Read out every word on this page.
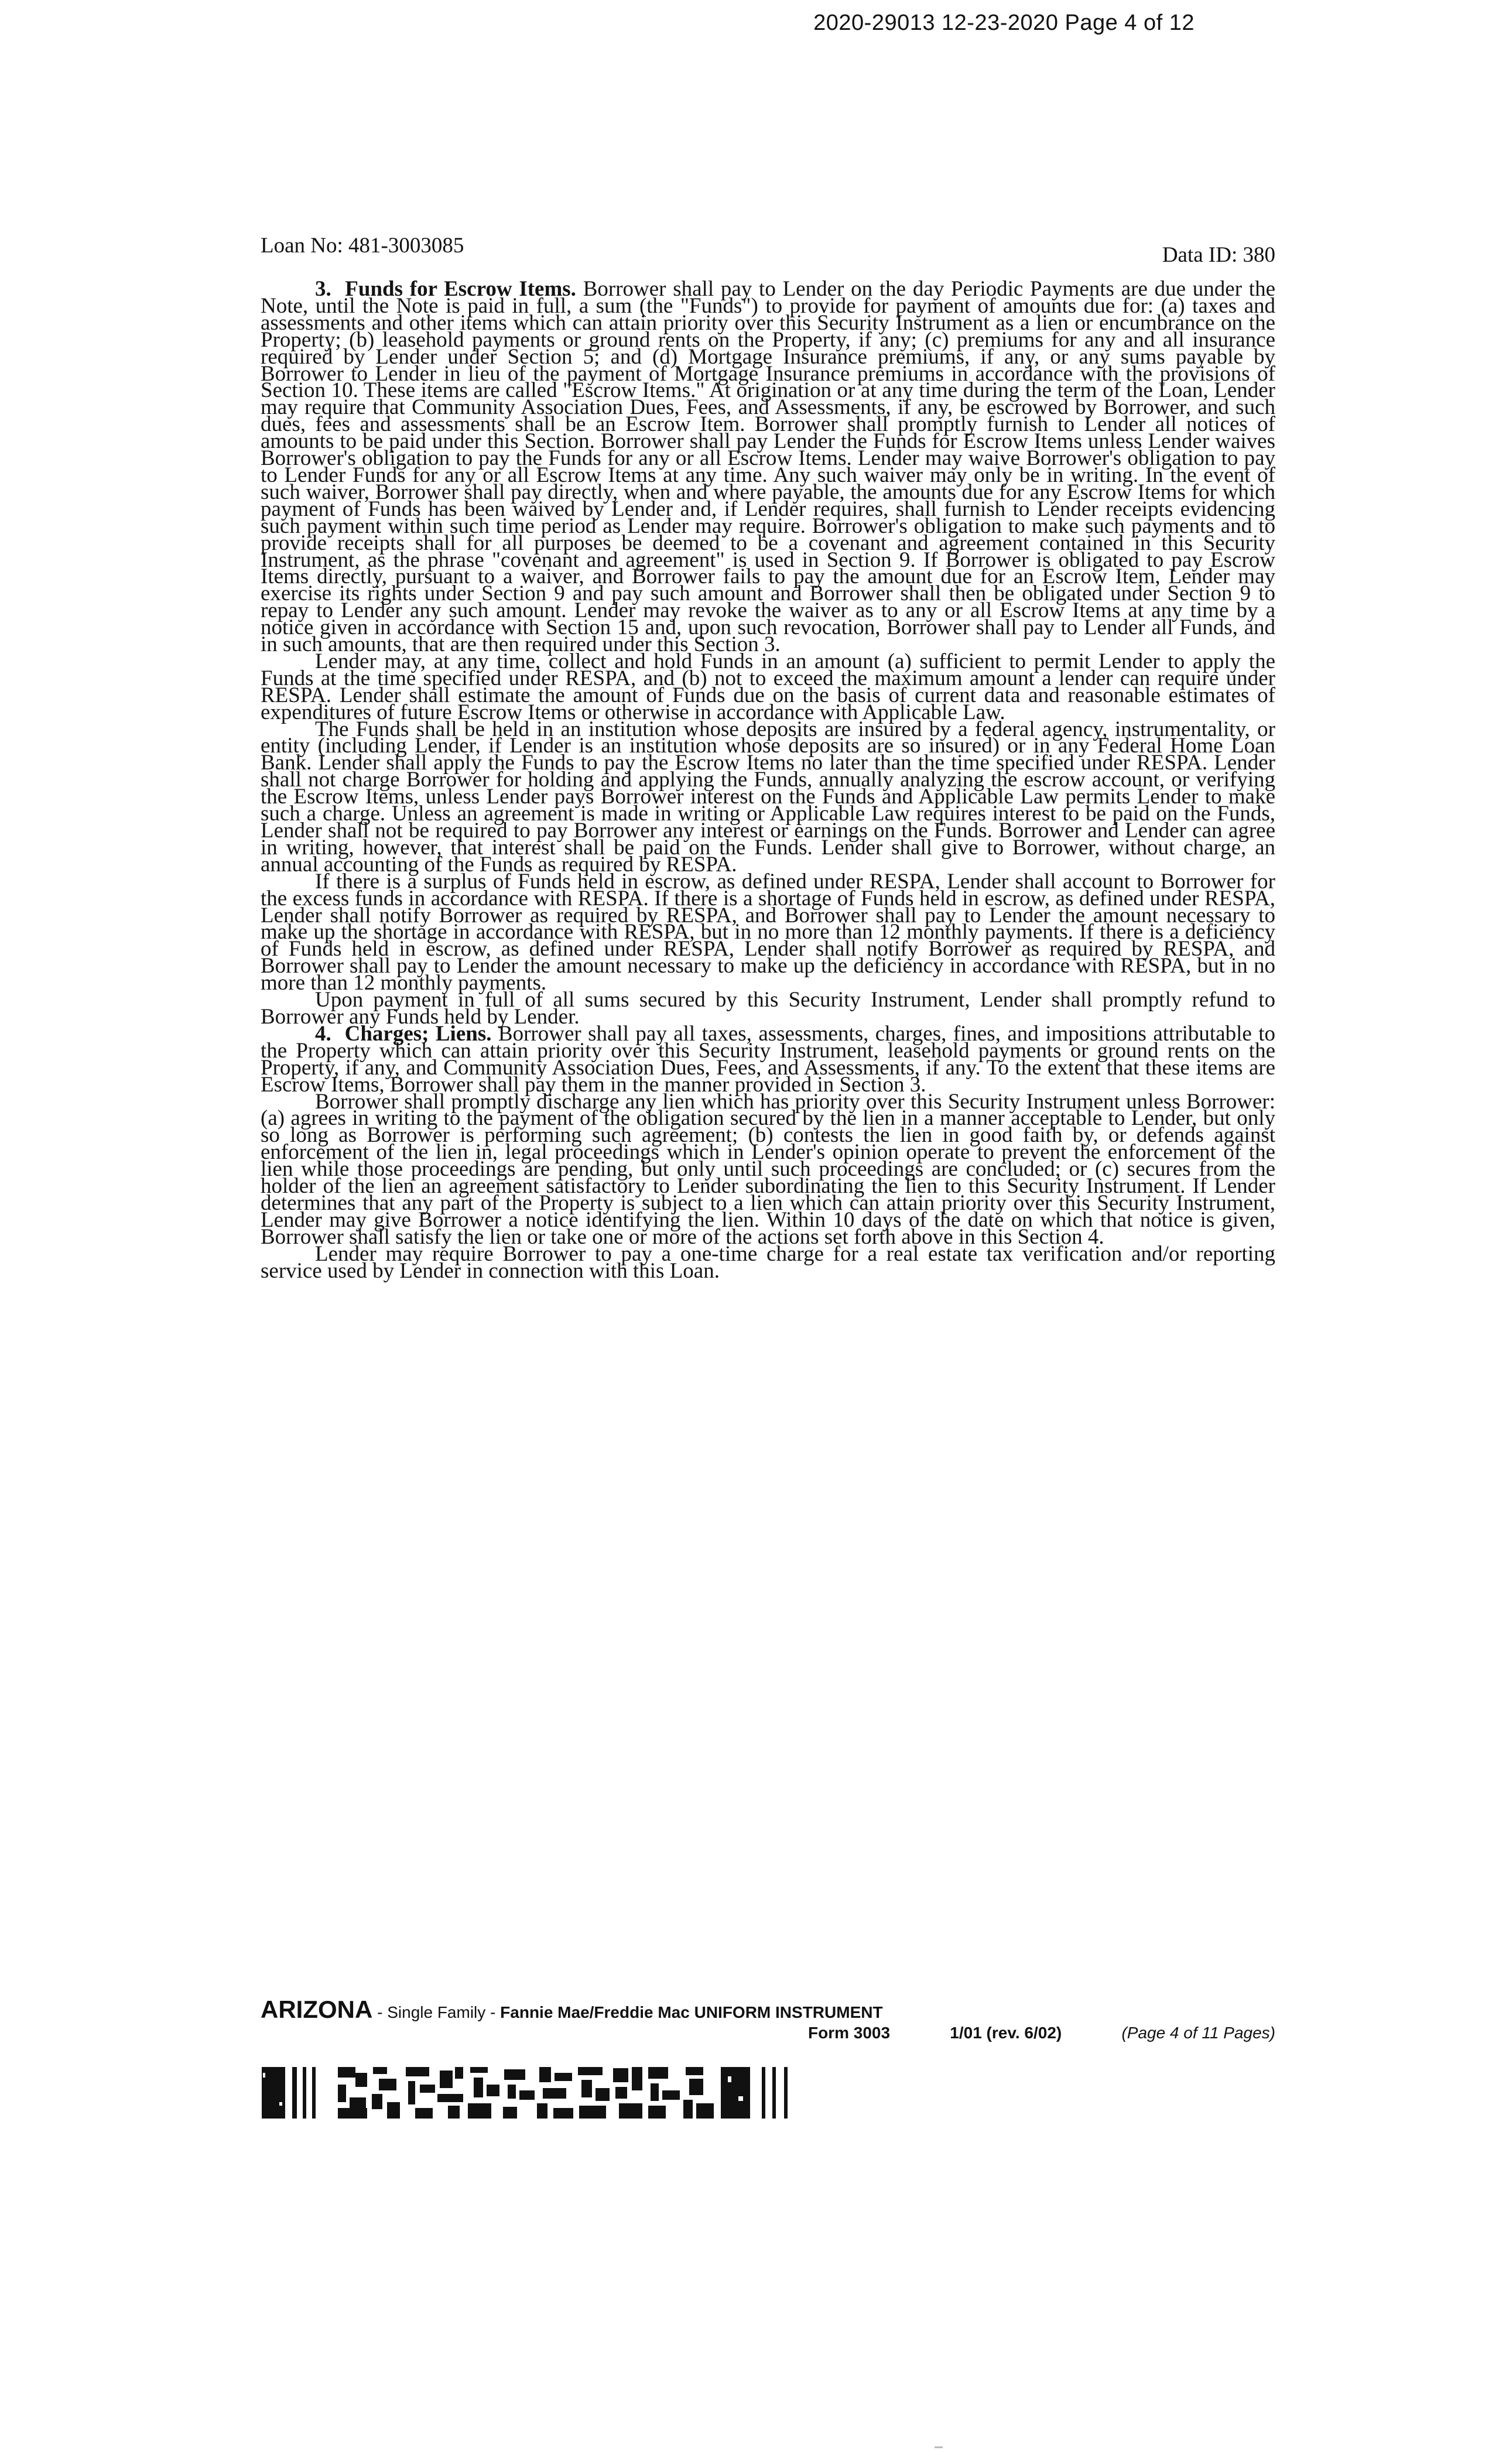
2020-29013 12-23-2020 Page 4 of 12
Loan No: 481-3003085	Data ID: 380

3. Funds for Escrow Items. Borrower shall pay to Lender on the day Periodic Payments are due under the Note, until the Note is paid in full, a sum (the "Funds") to provide for payment of amounts due for: (a) taxes and assessments and other items which can attain priority over this Security Instrument as a lien or encumbrance on the Property; (b) leasehold payments or ground rents on the Property, if any; (c) premiums for any and all insurance required by Lender under Section 5; and (d) Mortgage Insurance premiums, if any, or any sums payable by Borrower to Lender in lieu of the payment of Mortgage Insurance premiums in accordance with the provisions of Section 10. These items are called "Escrow Items." At origination or at any time during the term of the Loan, Lender may require that Community Association Dues, Fees, and Assessments, if any, be escrowed by Borrower, and such dues, fees and assessments shall be an Escrow Item. Borrower shall promptly furnish to Lender all notices of amounts to be paid under this Section. Borrower shall pay Lender the Funds for Escrow Items unless Lender waives Borrower's obligation to pay the Funds for any or all Escrow Items. Lender may waive Borrower's obligation to pay to Lender Funds for any or all Escrow Items at any time. Any such waiver may only be in writing. In the event of such waiver, Borrower shall pay directly, when and where payable, the amounts due for any Escrow Items for which payment of Funds has been waived by Lender and, if Lender requires, shall furnish to Lender receipts evidencing such payment within such time period as Lender may require. Borrower's obligation to make such payments and to provide receipts shall for all purposes be deemed to be a covenant and agreement contained in this Security Instrument, as the phrase "covenant and agreement" is used in Section 9. If Borrower is obligated to pay Escrow Items directly, pursuant to a waiver, and Borrower fails to pay the amount due for an Escrow Item, Lender may exercise its rights under Section 9 and pay such amount and Borrower shall then be obligated under Section 9 to repay to Lender any such amount. Lender may revoke the waiver as to any or all Escrow Items at any time by a notice given in accordance with Section 15 and, upon such revocation, Borrower shall pay to Lender all Funds, and in such amounts, that are then required under this Section 3.

Lender may, at any time, collect and hold Funds in an amount (a) sufficient to permit Lender to apply the Funds at the time specified under RESPA, and (b) not to exceed the maximum amount a lender can require under RESPA. Lender shall estimate the amount of Funds due on the basis of current data and reasonable estimates of expenditures of future Escrow Items or otherwise in accordance with Applicable Law.

The Funds shall be held in an institution whose deposits are insured by a federal agency, instrumentality, or entity (including Lender, if Lender is an institution whose deposits are so insured) or in any Federal Home Loan Bank. Lender shall apply the Funds to pay the Escrow Items no later than the time specified under RESPA. Lender shall not charge Borrower for holding and applying the Funds, annually analyzing the escrow account, or verifying the Escrow Items, unless Lender pays Borrower interest on the Funds and Applicable Law permits Lender to make such a charge. Unless an agreement is made in writing or Applicable Law requires interest to be paid on the Funds, Lender shall not be required to pay Borrower any interest or earnings on the Funds. Borrower and Lender can agree in writing, however, that interest shall be paid on the Funds. Lender shall give to Borrower, without charge, an annual accounting of the Funds as required by RESPA.

If there is a surplus of Funds held in escrow, as defined under RESPA, Lender shall account to Borrower for the excess funds in accordance with RESPA. If there is a shortage of Funds held in escrow, as defined under RESPA, Lender shall notify Borrower as required by RESPA, and Borrower shall pay to Lender the amount necessary to make up the shortage in accordance with RESPA, but in no more than 12 monthly payments. If there is a deficiency of Funds held in escrow, as defined under RESPA, Lender shall notify Borrower as required by RESPA, and Borrower shall pay to Lender the amount necessary to make up the deficiency in accordance with RESPA, but in no more than 12 monthly payments.

Upon payment in full of all sums secured by this Security Instrument, Lender shall promptly refund to Borrower any Funds held by Lender.

4. Charges; Liens. Borrower shall pay all taxes, assessments, charges, fines, and impositions attributable to the Property which can attain priority over this Security Instrument, leasehold payments or ground rents on the Property, if any, and Community Association Dues, Fees, and Assessments, if any. To the extent that these items are Escrow Items, Borrower shall pay them in the manner provided in Section 3.

Borrower shall promptly discharge any lien which has priority over this Security Instrument unless Borrower: (a) agrees in writing to the payment of the obligation secured by the lien in a manner acceptable to Lender, but only so long as Borrower is performing such agreement; (b) contests the lien in good faith by, or defends against enforcement of the lien in, legal proceedings which in Lender's opinion operate to prevent the enforcement of the lien while those proceedings are pending, but only until such proceedings are concluded; or (c) secures from the holder of the lien an agreement satisfactory to Lender subordinating the lien to this Security Instrument. If Lender determines that any part of the Property is subject to a lien which can attain priority over this Security Instrument, Lender may give Borrower a notice identifying the lien. Within 10 days of the date on which that notice is given, Borrower shall satisfy the lien or take one or more of the actions set forth above in this Section 4.

Lender may require Borrower to pay a one-time charge for a real estate tax verification and/or reporting service used by Lender in connection with this Loan.

ARIZONA - Single Family - Fannie Mae/Freddie Mac UNIFORM INSTRUMENT
Form 3003	1/01 (rev. 6/02)	(Page 4 of 11 Pages)
